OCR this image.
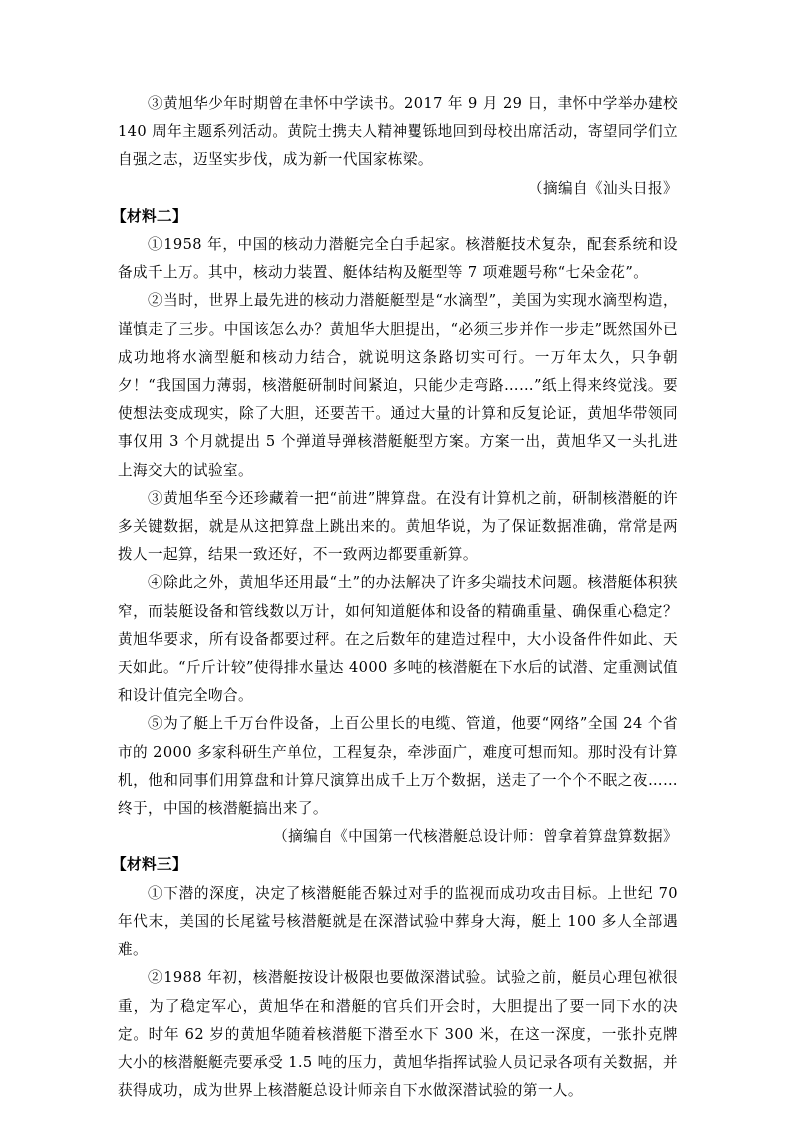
③黄旭华少年时期曾在聿怀中学读书。2017 年 9 月 29 日，聿怀中学举办建校 140 周年主题系列活动。黄院士携夫人精神矍铄地回到母校出席活动，寄望同学们立自强之志，迈坚实步伐，成为新一代国家栋梁。

（摘编自《汕头日报》

【材料二】

①1958 年，中国的核动力潜艇完全白手起家。核潜艇技术复杂，配套系统和设备成千上万。其中，核动力装置、艇体结构及艇型等 7 项难题号称“七朵金花”。

②当时，世界上最先进的核动力潜艇艇型是“水滴型”，美国为实现水滴型构造，谨慎走了三步。中国该怎么办？黄旭华大胆提出，“必须三步并作一步走”既然国外已成功地将水滴型艇和核动力结合，就说明这条路切实可行。一万年太久，只争朝夕！“我国国力薄弱，核潜艇研制时间紧迫，只能少走弯路……”纸上得来终觉浅。要使想法变成现实，除了大胆，还要苦干。通过大量的计算和反复论证，黄旭华带领同事仅用 3 个月就提出 5 个弹道导弹核潜艇艇型方案。方案一出，黄旭华又一头扎进上海交大的试验室。

③黄旭华至今还珍藏着一把“前进”牌算盘。在没有计算机之前，研制核潜艇的许多关键数据，就是从这把算盘上跳出来的。黄旭华说，为了保证数据准确，常常是两拨人一起算，结果一致还好，不一致两边都要重新算。

④除此之外，黄旭华还用最“土”的办法解决了许多尖端技术问题。核潜艇体积狭窄，而装艇设备和管线数以万计，如何知道艇体和设备的精确重量、确保重心稳定？黄旭华要求，所有设备都要过秤。在之后数年的建造过程中，大小设备件件如此、天天如此。“斤斤计较”使得排水量达 4000 多吨的核潜艇在下水后的试潜、定重测试值和设计值完全吻合。

⑤为了艇上千万台件设备，上百公里长的电缆、管道，他要“网络”全国 24 个省市的 2000 多家科研生产单位，工程复杂，牵涉面广，难度可想而知。那时没有计算机，他和同事们用算盘和计算尺演算出成千上万个数据，送走了一个个不眠之夜……终于，中国的核潜艇搞出来了。

（摘编自《中国第一代核潜艇总设计师：曾拿着算盘算数据》

【材料三】

①下潜的深度，决定了核潜艇能否躲过对手的监视而成功攻击目标。上世纪 70 年代末，美国的长尾鲨号核潜艇就是在深潜试验中葬身大海，艇上 100 多人全部遇难。

②1988 年初，核潜艇按设计极限也要做深潜试验。试验之前，艇员心理包袱很重，为了稳定军心，黄旭华在和潜艇的官兵们开会时，大胆提出了要一同下水的决定。时年 62 岁的黄旭华随着核潜艇下潜至水下 300 米，在这一深度，一张扑克牌大小的核潜艇艇壳要承受 1.5 吨的压力，黄旭华指挥试验人员记录各项有关数据，并获得成功，成为世界上核潜艇总设计师亲自下水做深潜试验的第一人。
